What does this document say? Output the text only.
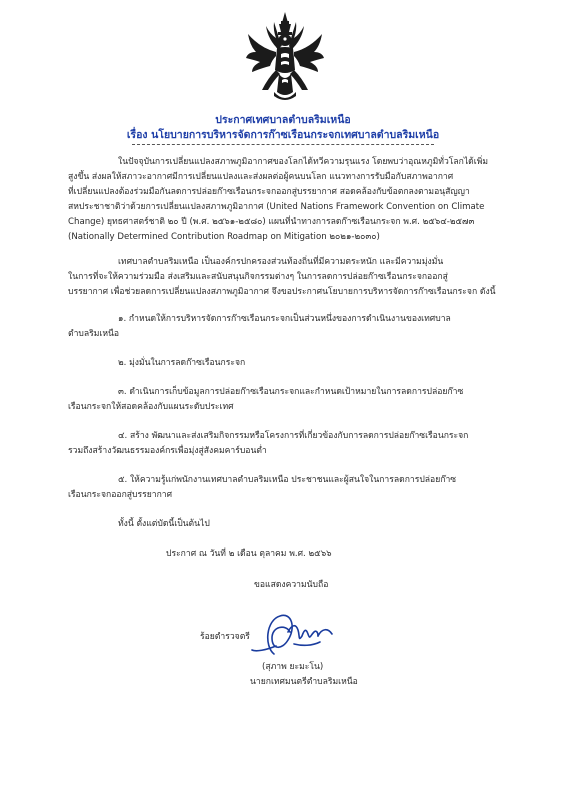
ประกาศเทศบาลตำบลริมเหนือ
เรื่อง นโยบายการบริหารจัดการก๊าซเรือนกระจกเทศบาลตำบลริมเหนือ
ในปัจจุบันการเปลี่ยนแปลงสภาพภูมิอากาศของโลกได้ทวีความรุนแรง โดยพบว่าอุณหภูมิทั่วโลกได้เพิ่ม
สูงขึ้น ส่งผลให้สภาวะอากาศมีการเปลี่ยนแปลงและส่งผลต่อผู้คนบนโลก แนวทางการรับมือกับสภาพอากาศ
ที่เปลี่ยนแปลงต้องร่วมมือกันลดการปล่อยก๊าซเรือนกระจกออกสู่บรรยากาศ สอดคล้องกับข้อตกลงตามอนุสัญญา
สหประชาชาติว่าด้วยการเปลี่ยนแปลงสภาพภูมิอากาศ (United Nations Framework Convention on Climate
Change) ยุทธศาสตร์ชาติ ๒๐ ปี (พ.ศ. ๒๕๖๑-๒๕๘๐) แผนที่นำทางการลดก๊าซเรือนกระจก พ.ศ. ๒๕๖๔-๒๕๗๓
(Nationally Determined Contribution Roadmap on Mitigation ๒๐๒๑-๒๐๓๐)
เทศบาลตำบลริมเหนือ เป็นองค์กรปกครองส่วนท้องถิ่นที่มีความตระหนัก และมีความมุ่งมั่น
ในการที่จะให้ความร่วมมือ ส่งเสริมและสนับสนุนกิจกรรมต่างๆ ในการลดการปล่อยก๊าซเรือนกระจกออกสู่
บรรยากาศ เพื่อช่วยลดการเปลี่ยนแปลงสภาพภูมิอากาศ จึงขอประกาศนโยบายการบริหารจัดการก๊าซเรือนกระจก ดังนี้
๑. กำหนดให้การบริหารจัดการก๊าซเรือนกระจกเป็นส่วนหนึ่งของการดำเนินงานของเทศบาล
ตำบลริมเหนือ
๒. มุ่งมั่นในการลดก๊าซเรือนกระจก
๓. ดำเนินการเก็บข้อมูลการปล่อยก๊าซเรือนกระจกและกำหนดเป้าหมายในการลดการปล่อยก๊าซ
เรือนกระจกให้สอดคล้องกับแผนระดับประเทศ
๔. สร้าง พัฒนาและส่งเสริมกิจกรรมหรือโครงการที่เกี่ยวข้องกับการลดการปล่อยก๊าซเรือนกระจก
รวมถึงสร้างวัฒนธรรมองค์กรเพื่อมุ่งสู่สังคมคาร์บอนต่ำ
๕. ให้ความรู้แก่พนักงานเทศบาลตำบลริมเหนือ ประชาชนและผู้สนใจในการลดการปล่อยก๊าซ
เรือนกระจกออกสู่บรรยากาศ
ทั้งนี้ ตั้งแต่บัดนี้เป็นต้นไป
ประกาศ ณ วันที่ ๒ เดือน ตุลาคม พ.ศ. ๒๕๖๖
ขอแสดงความนับถือ
ร้อยตำรวจตรี
(สุภาพ ยะมะโน)
นายกเทศมนตรีตำบลริมเหนือ
